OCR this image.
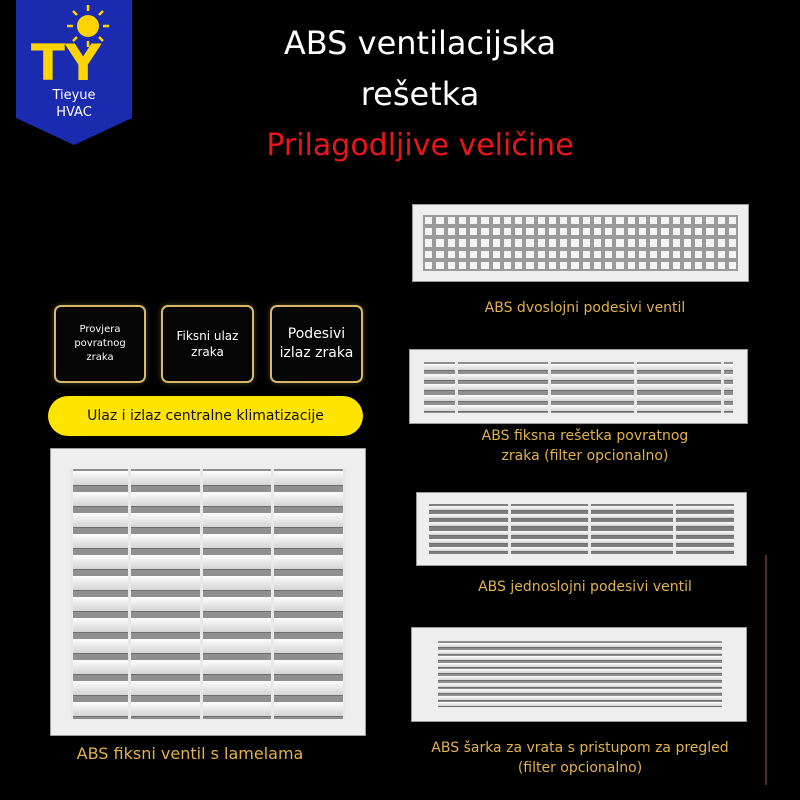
TY
Tieyue
HVAC
ABS ventilacijska
rešetka
Prilagodljive veličine
Provjera
povratnog
zraka
Fiksni ulaz
zraka
Podesivi
izlaz zraka
Ulaz i izlaz centralne klimatizacije
ABS fiksni ventil s lamelama
ABS dvoslojni podesivi ventil
ABS fiksna rešetka povratnog
zraka (filter opcionalno)
ABS jednoslojni podesivi ventil
ABS šarka za vrata s pristupom za pregled
(filter opcionalno)
